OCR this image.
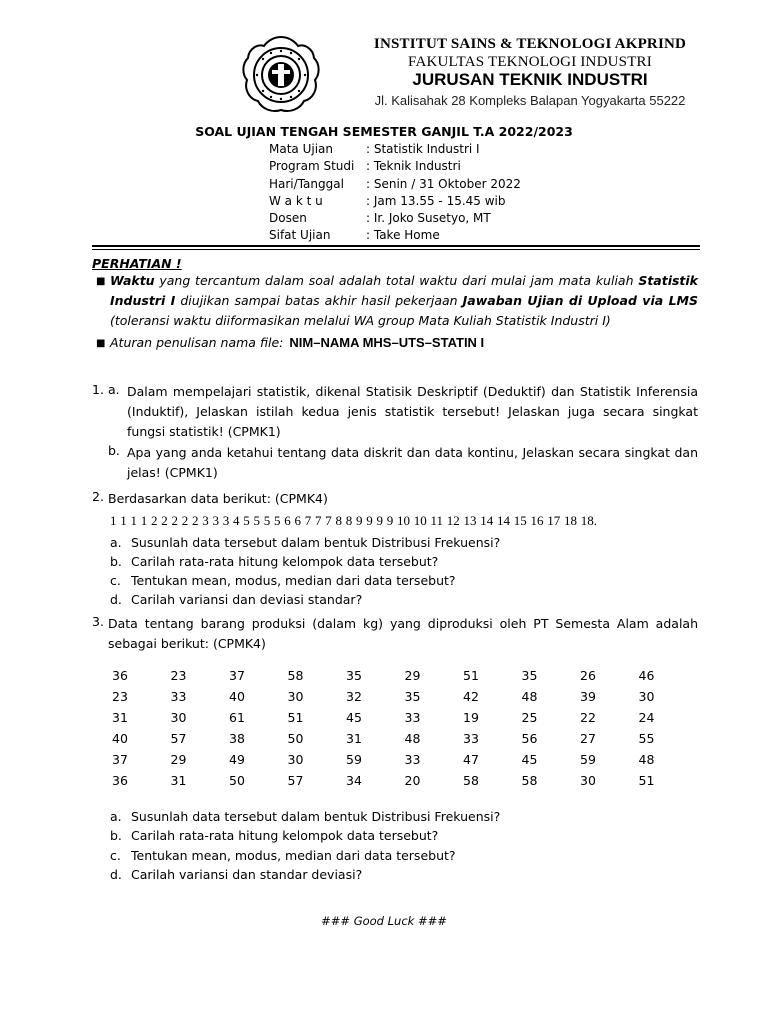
INSTITUT SAINS & TEKNOLOGI AKPRIND
FAKULTAS TEKNOLOGI INDUSTRI
JURUSAN TEKNIK INDUSTRI
Jl. Kalisahak 28 Kompleks Balapan Yogyakarta 55222
SOAL UJIAN TENGAH SEMESTER GANJIL T.A 2022/2023
Mata Ujian	: Statistik Industri I
Program Studi : Teknik Industri
Hari/Tanggal	: Senin / 31 Oktober 2022
W a k t u	: Jam 13.55 - 15.45 wib
Dosen	: Ir. Joko Susetyo, MT
Sifat Ujian	: Take Home
PERHATIAN !
■ Waktu yang tercantum dalam soal adalah total waktu dari mulai jam mata kuliah Statistik Industri I diujikan sampai batas akhir hasil pekerjaan Jawaban Ujian di Upload via LMS (toleransi waktu diiformasikan melalui WA group Mata Kuliah Statistik Industri I)
■ Aturan penulisan nama file: NIM–NAMA MHS–UTS–STATIN I
1. a. Dalam mempelajari statistik, dikenal Statisik Deskriptif (Deduktif) dan Statistik Inferensia (Induktif), Jelaskan istilah kedua jenis statistik tersebut! Jelaskan juga secara singkat fungsi statistik! (CPMK1)
b. Apa yang anda ketahui tentang data diskrit dan data kontinu, Jelaskan secara singkat dan jelas! (CPMK1)
2. Berdasarkan data berikut: (CPMK4)
1 1 1 1 2 2 2 2 2 3 3 3 4 5 5 5 5 6 6 7 7 7 8 8 9 9 9 9 10 10 11 12 13 14 14 15 16 17 18 18.
a. Susunlah data tersebut dalam bentuk Distribusi Frekuensi?
b. Carilah rata-rata hitung kelompok data tersebut?
c. Tentukan mean, modus, median dari data tersebut?
d. Carilah variansi dan deviasi standar?
3. Data tentang barang produksi (dalam kg) yang diproduksi oleh PT Semesta Alam adalah sebagai berikut: (CPMK4)
36	23	37	58	35	29	51	35	26	46
23	33	40	30	32	35	42	48	39	30
31	30	61	51	45	33	19	25	22	24
40	57	38	50	31	48	33	56	27	55
37	29	49	30	59	33	47	45	59	48
36	31	50	57	34	20	58	58	30	51
a. Susunlah data tersebut dalam bentuk Distribusi Frekuensi?
b. Carilah rata-rata hitung kelompok data tersebut?
c. Tentukan mean, modus, median dari data tersebut?
d. Carilah variansi dan standar deviasi?
### Good Luck ###
